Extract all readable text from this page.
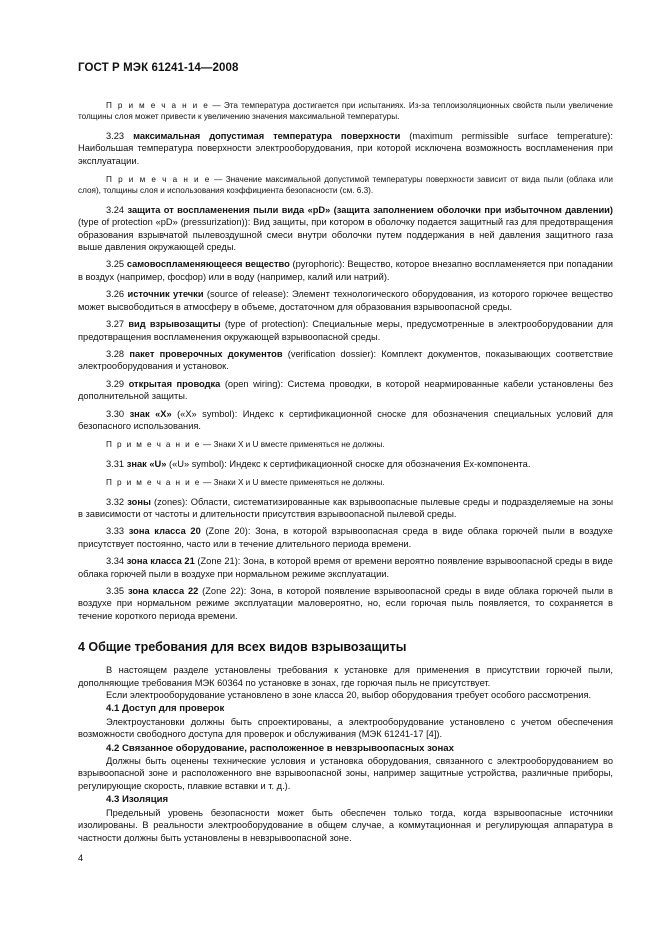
ГОСТ Р МЭК 61241-14—2008

П р и м е ч а н и е — Эта температура достигается при испытаниях. Из-за теплоизоляционных свойств пыли увеличение толщины слоя может привести к увеличению значения максимальной температуры.

3.23 максимальная допустимая температура поверхности (maximum permissible surface temperature): Наибольшая температура поверхности электрооборудования, при которой исключена возможность воспламенения при эксплуатации.

П р и м е ч а н и е — Значение максимальной допустимой температуры поверхности зависит от вида пыли (облака или слоя), толщины слоя и использования коэффициента безопасности (см. 6.3).

3.24 защита от воспламенения пыли вида «pD» (защита заполнением оболочки при избыточном давлении) (type of protection «pD» (pressurization)): Вид защиты, при котором в оболочку подается защитный газ для предотвращения образования взрывчатой пылевоздушной смеси внутри оболочки путем поддержания в ней давления защитного газа выше давления окружающей среды.

3.25 самовоспламеняющееся вещество (pyrophoric): Вещество, которое внезапно воспламеняется при попадании в воздух (например, фосфор) или в воду (например, калий или натрий).

3.26 источник утечки (source of release): Элемент технологического оборудования, из которого горючее вещество может высвободиться в атмосферу в объеме, достаточном для образования взрывоопасной среды.

3.27 вид взрывозащиты (type of protection): Специальные меры, предусмотренные в электрооборудовании для предотвращения воспламенения окружающей взрывоопасной среды.

3.28 пакет проверочных документов (verification dossier): Комплект документов, показывающих соответствие электрооборудования и установок.

3.29 открытая проводка (open wiring): Система проводки, в которой неармированные кабели установлены без дополнительной защиты.

3.30 знак «X» («X» symbol): Индекс к сертификационной сноске для обозначения специальных условий для безопасного использования.

П р и м е ч а н и е — Знаки X и U вместе применяться не должны.

3.31 знак «U» («U» symbol): Индекс к сертификационной сноске для обозначения Ex-компонента.

П р и м е ч а н и е — Знаки X и U вместе применяться не должны.

3.32 зоны (zones): Области, систематизированные как взрывоопасные пылевые среды и подразделяемые на зоны в зависимости от частоты и длительности присутствия взрывоопасной пылевой среды.

3.33 зона класса 20 (Zone 20): Зона, в которой взрывоопасная среда в виде облака горючей пыли в воздухе присутствует постоянно, часто или в течение длительного периода времени.

3.34 зона класса 21 (Zone 21): Зона, в которой время от времени вероятно появление взрывоопасной среды в виде облака горючей пыли в воздухе при нормальном режиме эксплуатации.

3.35 зона класса 22 (Zone 22): Зона, в которой появление взрывоопасной среды в виде облака горючей пыли в воздухе при нормальном режиме эксплуатации маловероятно, но, если горючая пыль появляется, то сохраняется в течение короткого периода времени.

4 Общие требования для всех видов взрывозащиты

В настоящем разделе установлены требования к установке для применения в присутствии горючей пыли, дополняющие требования МЭК 60364 по установке в зонах, где горючая пыль не присутствует.

Если электрооборудование установлено в зоне класса 20, выбор оборудования требует особого рассмотрения.

4.1 Доступ для проверок

Электроустановки должны быть спроектированы, а электрооборудование установлено с учетом обеспечения возможности свободного доступа для проверок и обслуживания (МЭК 61241-17 [4]).

4.2 Связанное оборудование, расположенное в невзрывоопасных зонах

Должны быть оценены технические условия и установка оборудования, связанного с электрооборудованием во взрывоопасной зоне и расположенного вне взрывоопасной зоны, например защитные устройства, различные приборы, регулирующие скорость, плавкие вставки и т. д.).

4.3 Изоляция

Предельный уровень безопасности может быть обеспечен только тогда, когда взрывоопасные источники изолированы. В реальности электрооборудование в общем случае, а коммутационная и регулирующая аппаратура в частности должны быть установлены в невзрывоопасной зоне.

4
